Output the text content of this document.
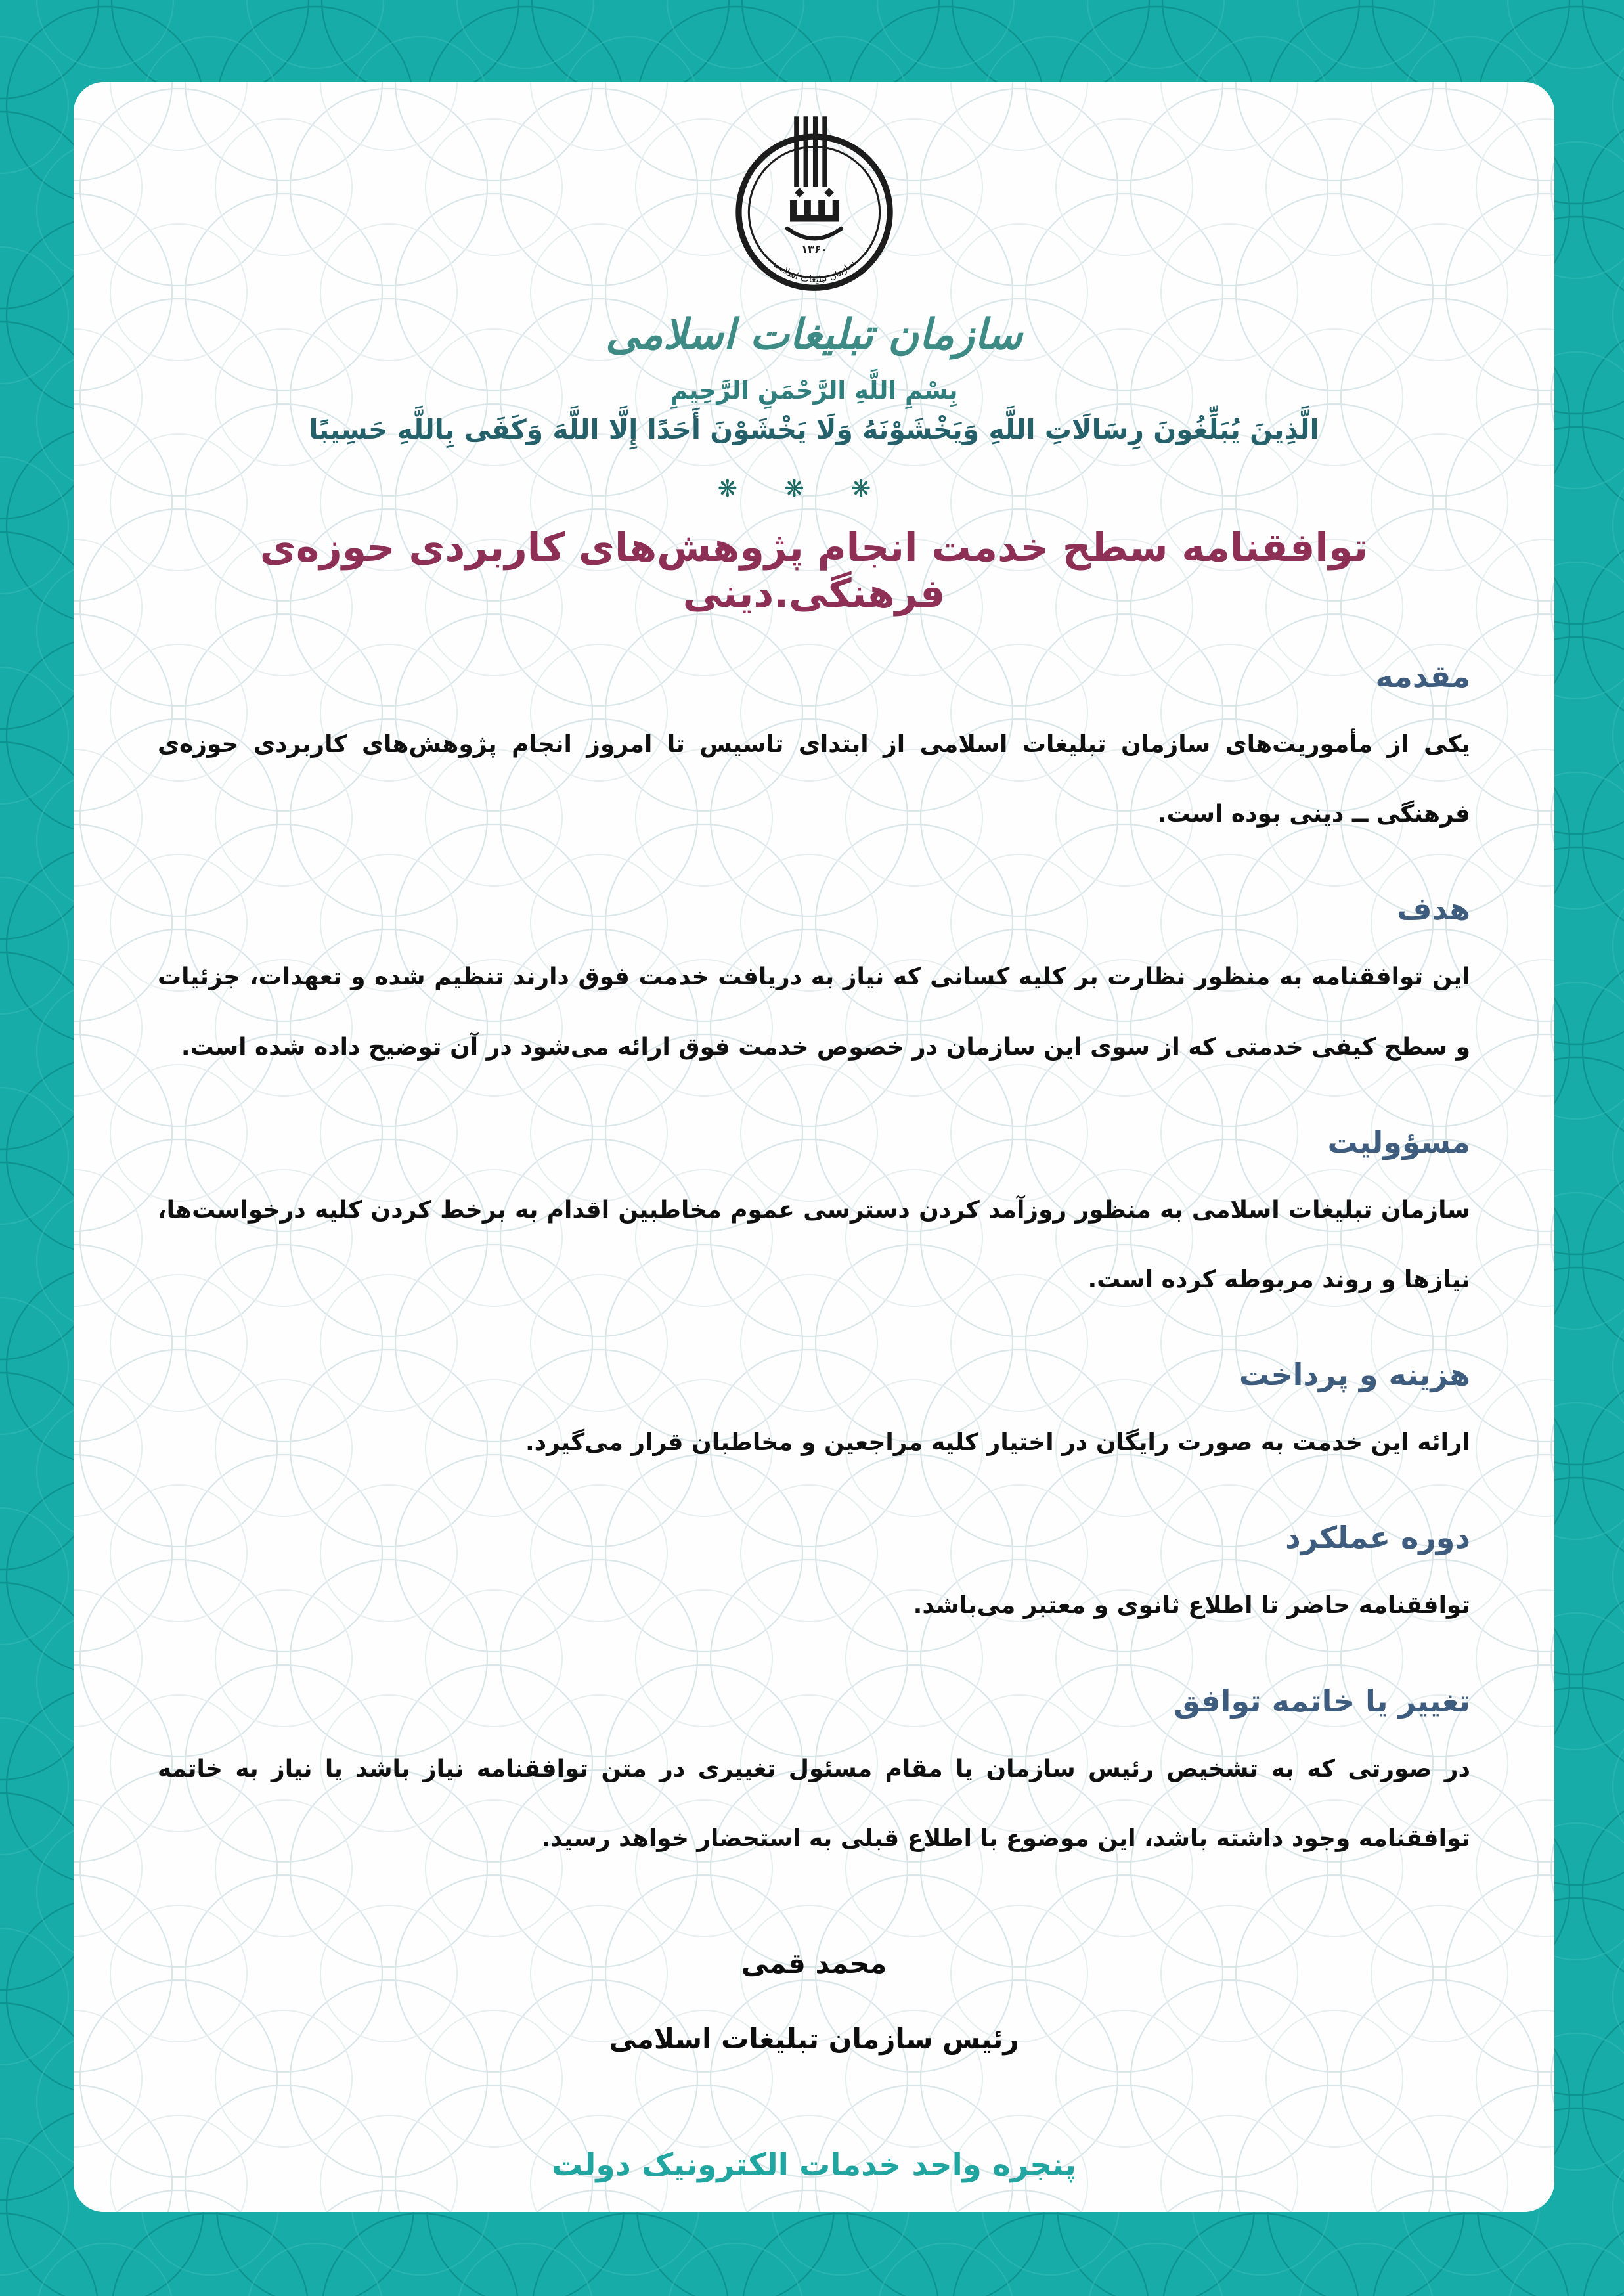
۱۳۶۰
سازمان تبلیغات اسلامی
سازمان تبلیغات اسلامی
بِسْمِ اللَّهِ الرَّحْمَنِ الرَّحِيمِ
الَّذِينَ يُبَلِّغُونَ رِسَالَاتِ اللَّهِ وَيَخْشَوْنَهُ وَلَا يَخْشَوْنَ أَحَدًا إِلَّا اللَّهَ وَكَفَى بِاللَّهِ حَسِيبًا
❋ ❋ ❋
توافقنامه سطح خدمت انجام پژوهش‌های کاربردی حوزه‌ی فرهنگی.دینی
مقدمه

یکی از مأموریت‌های سازمان تبلیغات اسلامی از ابتدای تاسیس تا امروز انجام پژوهش‌های کاربردی حوزه‌ی فرهنگی ــ دینی بوده است.

هدف

این توافقنامه به منظور نظارت بر کلیه کسانی که نیاز به دریافت خدمت فوق دارند تنظیم شده و تعهدات، جزئیات و سطح کیفی خدمتی که از سوی این سازمان در خصوص خدمت فوق ارائه می‌شود در آن توضیح داده شده است.

مسؤولیت

سازمان تبلیغات اسلامی به منظور روزآمد کردن دسترسی عموم مخاطبین اقدام به برخط کردن کلیه درخواست‌ها، نیازها و روند مربوطه کرده است.

هزینه و پرداخت

ارائه این خدمت به صورت رایگان در اختیار کلیه مراجعین و مخاطبان قرار می‌گیرد.

دوره عملکرد

توافقنامه حاضر تا اطلاع ثانوی و معتبر می‌باشد.

تغییر یا خاتمه توافق

در صورتی که به تشخیص رئیس سازمان یا مقام مسئول تغییری در متن توافقنامه نیاز باشد یا نیاز به خاتمه توافقنامه وجود داشته باشد، این موضوع با اطلاع قبلی به استحضار خواهد رسید.

محمد قمی
رئیس سازمان تبلیغات اسلامی
پنجره واحد خدمات الکترونیک دولت
